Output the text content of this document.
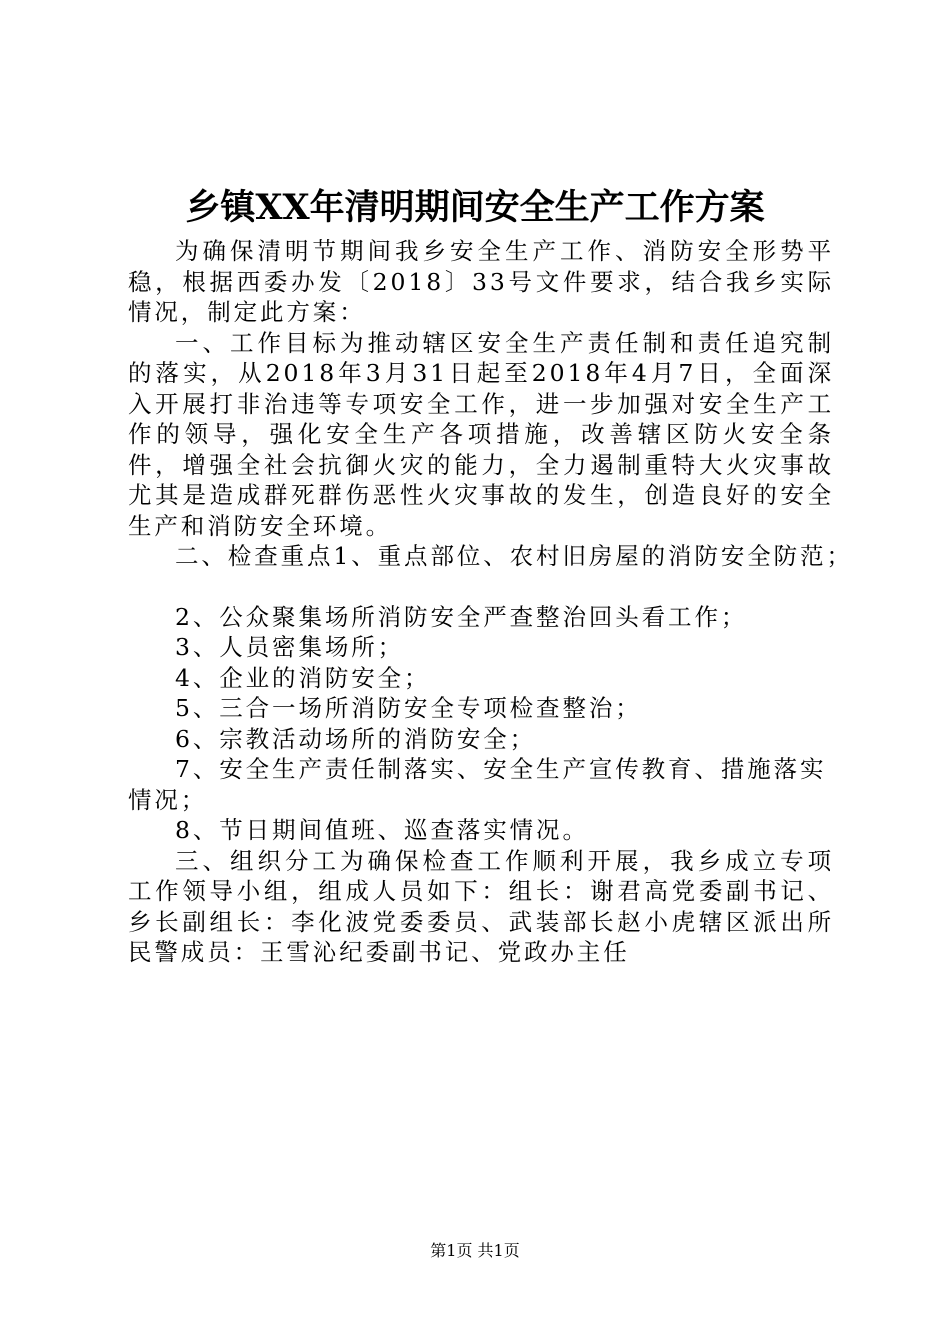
乡镇XX年清明期间安全生产工作方案

为确保清明节期间我乡安全生产工作、消防安全形势平稳，根据西委办发〔2018〕33号文件要求，结合我乡实际情况，制定此方案：

一、工作目标为推动辖区安全生产责任制和责任追究制的落实，从2018年3月31日起至2018年4月7日，全面深入开展打非治违等专项安全工作，进一步加强对安全生产工作的领导，强化安全生产各项措施，改善辖区防火安全条件，增强全社会抗御火灾的能力，全力遏制重特大火灾事故尤其是造成群死群伤恶性火灾事故的发生，创造良好的安全生产和消防安全环境。

二、检查重点1、重点部位、农村旧房屋的消防安全防范；

2、公众聚集场所消防安全严查整治回头看工作；

3、人员密集场所；

4、企业的消防安全；

5、三合一场所消防安全专项检查整治；

6、宗教活动场所的消防安全；

7、安全生产责任制落实、安全生产宣传教育、措施落实情况；

8、节日期间值班、巡查落实情况。

三、组织分工为确保检查工作顺利开展，我乡成立专项工作领导小组，组成人员如下：组长：谢君高党委副书记、乡长副组长：李化波党委委员、武装部长赵小虎辖区派出所民警成员：王雪沁纪委副书记、党政办主任

第1页 共1页
